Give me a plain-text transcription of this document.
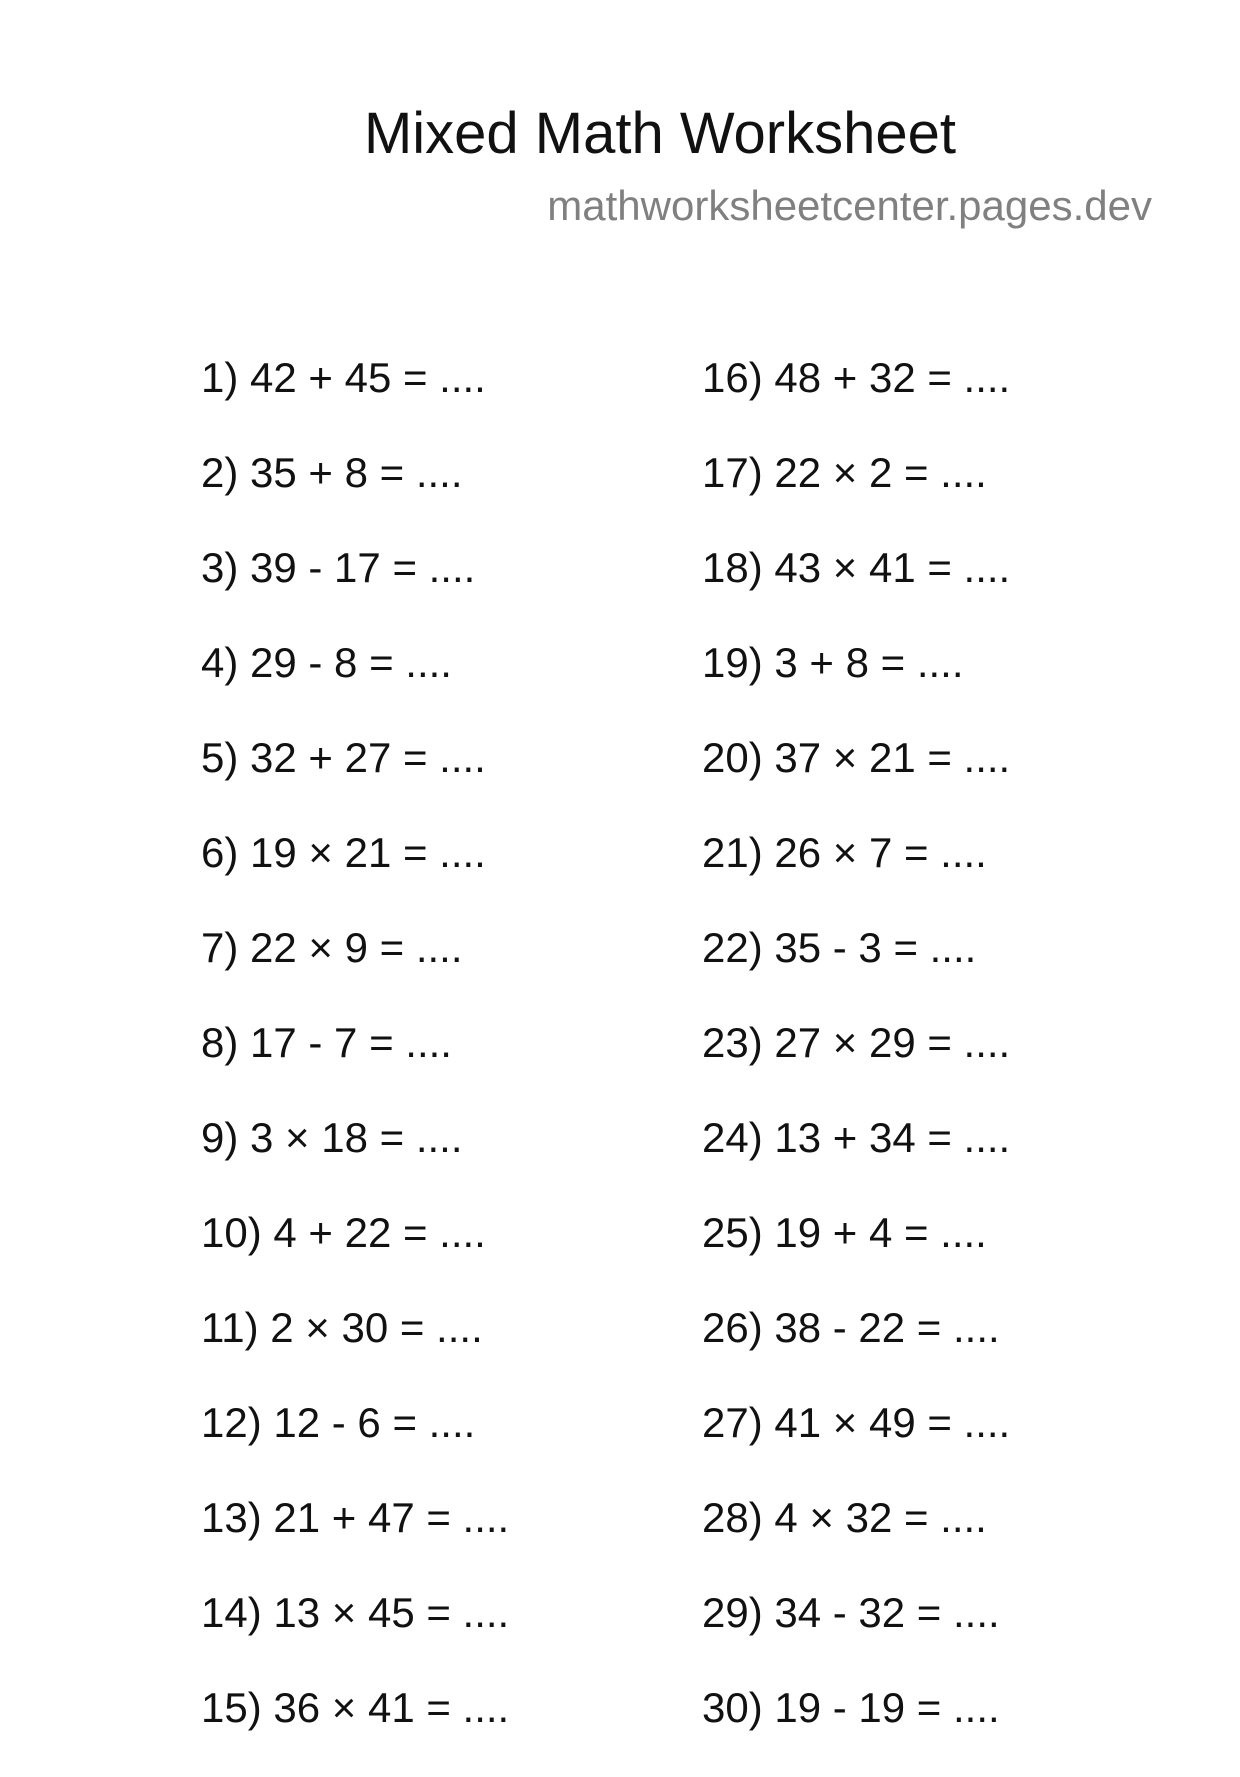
Mixed Math Worksheet
mathworksheetcenter.pages.dev
1) 42 + 45 = ....
2) 35 + 8 = ....
3) 39 - 17 = ....
4) 29 - 8 = ....
5) 32 + 27 = ....
6) 19 × 21 = ....
7) 22 × 9 = ....
8) 17 - 7 = ....
9) 3 × 18 = ....
10) 4 + 22 = ....
11) 2 × 30 = ....
12) 12 - 6 = ....
13) 21 + 47 = ....
14) 13 × 45 = ....
15) 36 × 41 = ....
16) 48 + 32 = ....
17) 22 × 2 = ....
18) 43 × 41 = ....
19) 3 + 8 = ....
20) 37 × 21 = ....
21) 26 × 7 = ....
22) 35 - 3 = ....
23) 27 × 29 = ....
24) 13 + 34 = ....
25) 19 + 4 = ....
26) 38 - 22 = ....
27) 41 × 49 = ....
28) 4 × 32 = ....
29) 34 - 32 = ....
30) 19 - 19 = ....
